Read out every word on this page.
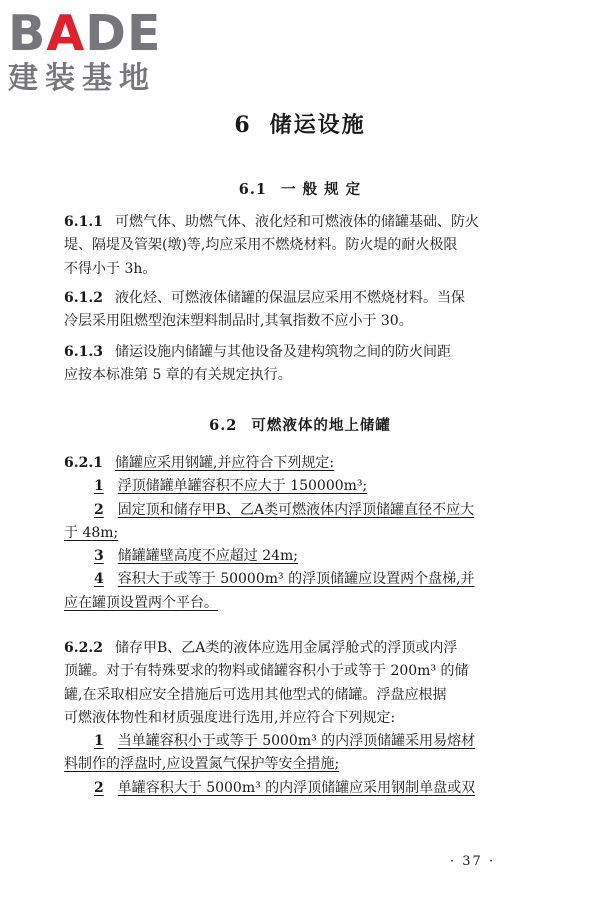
BADE
建装基地
6 储运设施
6.1 一 般 规 定
6.1.1 可燃气体、助燃气体、液化烃和可燃液体的储罐基础、防火
堤、隔堤及管架(墩)等,均应采用不燃烧材料。防火堤的耐火极限
不得小于 3h。
6.1.2 液化烃、可燃液体储罐的保温层应采用不燃烧材料。当保
冷层采用阻燃型泡沫塑料制品时,其氧指数不应小于 30。
6.1.3 储运设施内储罐与其他设备及建构筑物之间的防火间距
应按本标准第 5 章的有关规定执行。
6.2 可燃液体的地上储罐
6.2.1 储罐应采用钢罐,并应符合下列规定:
1 浮顶储罐单罐容积不应大于 150000m³;
2 固定顶和储存甲B、乙A类可燃液体内浮顶储罐直径不应大
于 48m;
3 储罐罐壁高度不应超过 24m;
4 容积大于或等于 50000m³ 的浮顶储罐应设置两个盘梯,并
应在罐顶设置两个平台。
6.2.2 储存甲B、乙A类的液体应选用金属浮舱式的浮顶或内浮
顶罐。对于有特殊要求的物料或储罐容积小于或等于 200m³ 的储
罐,在采取相应安全措施后可选用其他型式的储罐。浮盘应根据
可燃液体物性和材质强度进行选用,并应符合下列规定:
1 当单罐容积小于或等于 5000m³ 的内浮顶储罐采用易熔材
料制作的浮盘时,应设置氮气保护等安全措施;
2 单罐容积大于 5000m³ 的内浮顶储罐应采用钢制单盘或双
· 37 ·
